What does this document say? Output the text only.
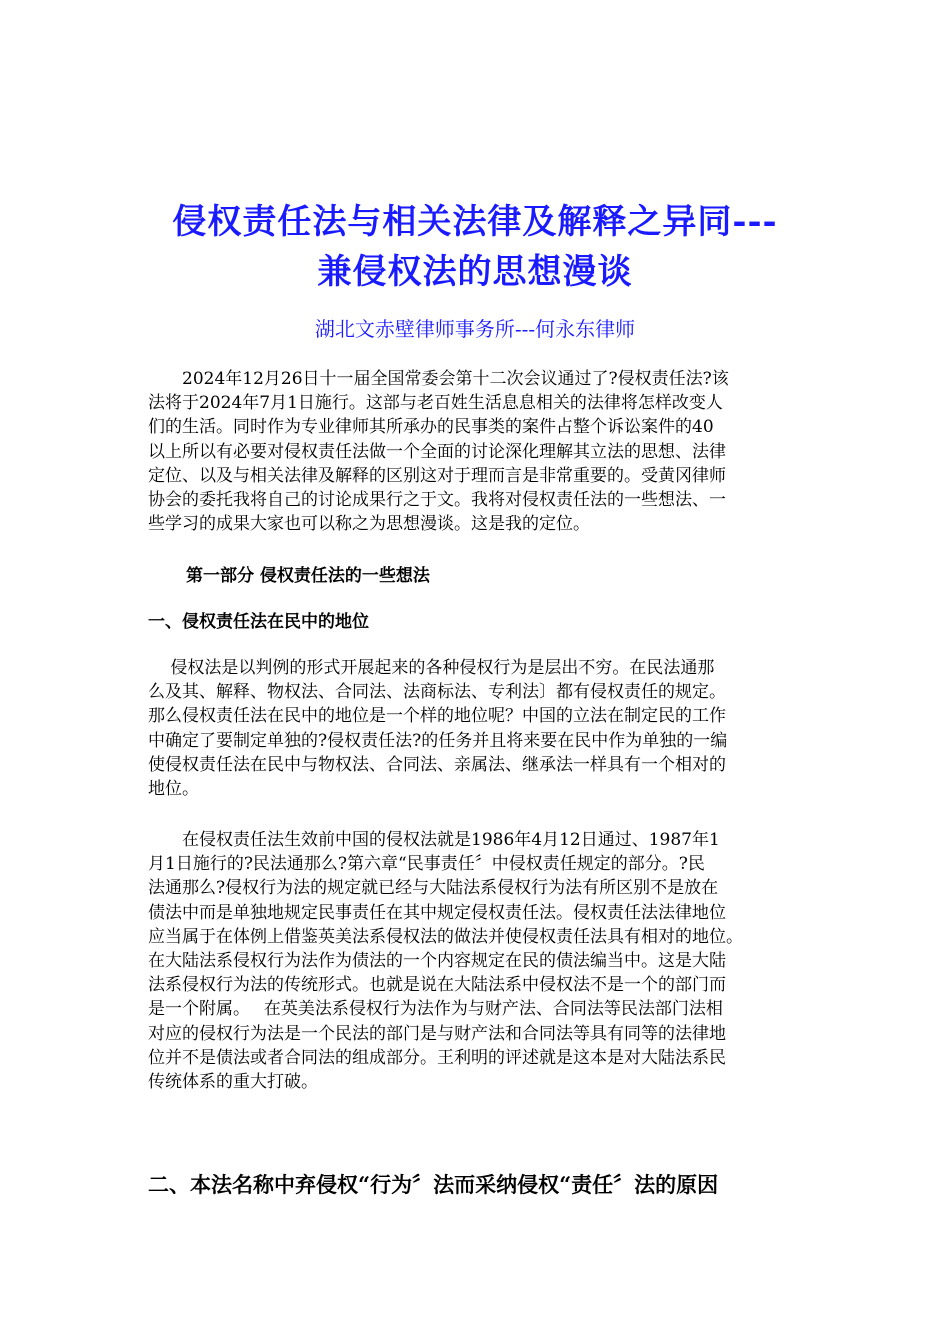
侵权责任法与相关法律及解释之异同---
兼侵权法的思想漫谈

湖北文赤壁律师事务所---何永东律师

　　2024年12月26日十一届全国常委会第十二次会议通过了?侵权责任法?该
法将于2024年7月1日施行。这部与老百姓生活息息相关的法律将怎样改变人
们的生活。同时作为专业律师其所承办的民事类的案件占整个诉讼案件的40
以上所以有必要对侵权责任法做一个全面的讨论深化理解其立法的思想、法律
定位、以及与相关法律及解释的区别这对于理而言是非常重要的。受黄冈律师
协会的委托我将自己的讨论成果行之于文。我将对侵权责任法的一些想法、一
些学习的成果大家也可以称之为思想漫谈。这是我的定位。
第一部分 侵权责任法的一些想法
一、侵权责任法在民中的地位
　 侵权法是以判例的形式开展起来的各种侵权行为是层出不穷。在民法通那
么及其、解释、物权法、合同法、法商标法、专利法〕都有侵权责任的规定。
那么侵权责任法在民中的地位是一个样的地位呢？中国的立法在制定民的工作
中确定了要制定单独的?侵权责任法?的任务并且将来要在民中作为单独的一编
使侵权责任法在民中与物权法、合同法、亲属法、继承法一样具有一个相对的
地位。
　　在侵权责任法生效前中国的侵权法就是1986年4月12日通过、1987年1
月1日施行的?民法通那么?第六章“民事责任〞中侵权责任规定的部分。?民
法通那么?侵权行为法的规定就已经与大陆法系侵权行为法有所区别不是放在
债法中而是单独地规定民事责任在其中规定侵权责任法。侵权责任法法律地位
应当属于在体例上借鉴英美法系侵权法的做法并使侵权责任法具有相对的地位。
在大陆法系侵权行为法作为债法的一个内容规定在民的债法编当中。这是大陆
法系侵权行为法的传统形式。也就是说在大陆法系中侵权法不是一个的部门而
是一个附属。　 在英美法系侵权行为法作为与财产法、合同法等民法部门法相
对应的侵权行为法是一个民法的部门是与财产法和合同法等具有同等的法律地
位并不是债法或者合同法的组成部分。王利明的评述就是这本是对大陆法系民
传统体系的重大打破。
二、本法名称中弃侵权“行为〞法而采纳侵权“责任〞法的原因
